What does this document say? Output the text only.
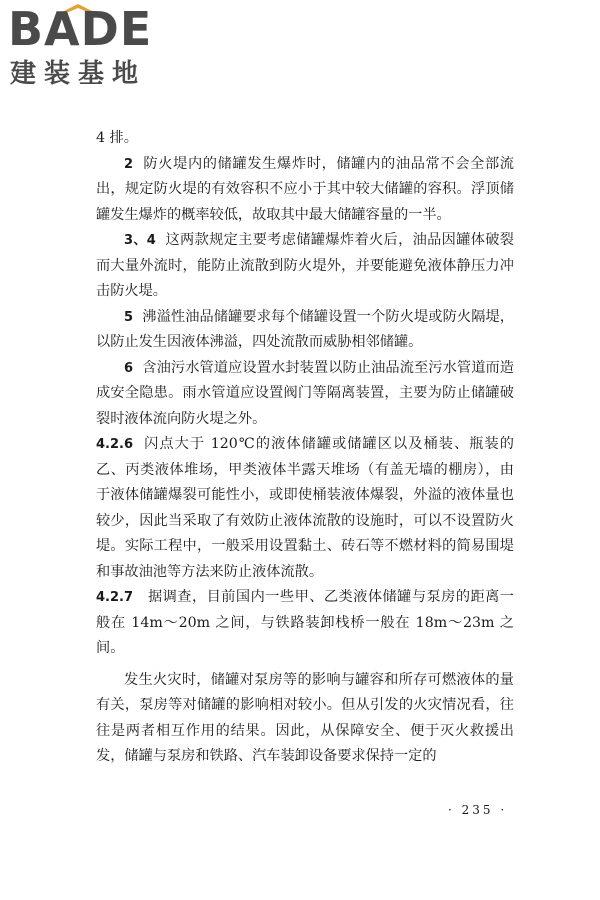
BADE
建装基地

4 排。

2 防火堤内的储罐发生爆炸时，储罐内的油品常不会全部流出，规定防火堤的有效容积不应小于其中较大储罐的容积。浮顶储罐发生爆炸的概率较低，故取其中最大储罐容量的一半。

3、4 这两款规定主要考虑储罐爆炸着火后，油品因罐体破裂而大量外流时，能防止流散到防火堤外，并要能避免液体静压力冲击防火堤。

5 沸溢性油品储罐要求每个储罐设置一个防火堤或防火隔堤，以防止发生因液体沸溢，四处流散而威胁相邻储罐。

6 含油污水管道应设置水封装置以防止油品流至污水管道而造成安全隐患。雨水管道应设置阀门等隔离装置，主要为防止储罐破裂时液体流向防火堤之外。

4.2.6 闪点大于 120℃的液体储罐或储罐区以及桶装、瓶装的乙、丙类液体堆场，甲类液体半露天堆场（有盖无墙的棚房），由于液体储罐爆裂可能性小，或即使桶装液体爆裂，外溢的液体量也较少，因此当采取了有效防止液体流散的设施时，可以不设置防火堤。实际工程中，一般采用设置黏土、砖石等不燃材料的简易围堤和事故油池等方法来防止液体流散。

4.2.7 据调查，目前国内一些甲、乙类液体储罐与泵房的距离一般在 14m～20m 之间，与铁路装卸栈桥一般在 18m～23m 之间。

发生火灾时，储罐对泵房等的影响与罐容和所存可燃液体的量有关，泵房等对储罐的影响相对较小。但从引发的火灾情况看，往往是两者相互作用的结果。因此，从保障安全、便于灭火救援出发，储罐与泵房和铁路、汽车装卸设备要求保持一定的

· 235 ·
